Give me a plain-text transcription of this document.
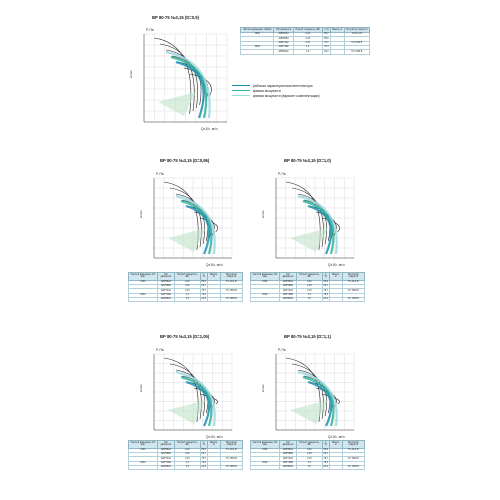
ВР 80-75 №3,15 (D=0,9)
P, Па
кгс/м²
Q×10³, м³/ч
Частота вращения, об/мин	Тип двигателя	Потреб. мощность, кВт	n, %	Масса, кг	Регулятор скорости
1500	АИР56A4	0,12	66,7		ТС-10-1 Б
	АИР56B4	0,18	58,9		
	АИР71A2	0,75	75,7		ТС-7000 Б
3000	АИР71B2	1,1	79,3		
	АИР80A2	1,5	81,0		ТС-7000 Б
рабочая характеристика вентилятора
кривая мощности
кривая мощности (вариант комплектации)
ВР 80-75 №3,15 (D=0,95)
P, Па
кгс/м²
Q×10³, м³/ч
Частота вращения, об/мин	Тип двигателя	Потреб. мощность, кВт	n, %	Масса, кг	Регулятор скорости
1500	АИР56A4	0,12	63,0		ТС-10-1 Б
	АИР56B4	0,18	68,7		
	АИР71A2	0,75	75,7		ТС-7000 Б
3000	АИР71B2	1,1	79,3		
	АИР80A2	1,5	81,0		ТС-7000 Б
ВР 80-75 №3,15 (D=1,0)
P, Па
кгс/м²
Q×10³, м³/ч
Частота вращения, об/мин	Тип двигателя	Потреб. мощность, кВт	n, %	Масса, кг	Регулятор скорости
1500	АИР56A4	0,12	63,0		ТС-10-1 Б
	АИР56B4	0,18	68,7		
	АИР71A2	0,75	75,7		ТС-7000 Б
3000	АИР71B2	1,1	79,3		
	АИР80A2	1,5	81,0		ТС-7000 Б
ВР 80-75 №3,15 (D=1,05)
P, Па
кгс/м²
Q×10³, м³/ч
Частота вращения, об/мин	Тип двигателя	Потреб. мощность, кВт	n, %	Масса, кг	Регулятор скорости
1500	АИР56A4	0,12	63,0		ТС-10-1 Б
	АИР56B4	0,18	68,7		
	АИР71A2	0,75	75,7		ТС-7000 Б
3000	АИР71B2	1,1	79,3		
	АИР80A2	1,5	81,0		ТС-7000 Б
ВР 80-75 №3,15 (D=1,1)
P, Па
кгс/м²
Q×10³, м³/ч
Частота вращения, об/мин	Тип двигателя	Потреб. мощность, кВт	n, %	Масса, кг	Регулятор скорости
1500	АИР56A4	0,12	63,0		ТС-10-1 Б
	АИР56B4	0,18	68,7		
	АИР71A2	0,75	75,7		ТС-7000 Б
3000	АИР71B2	1,1	79,3		
	АИР80A2	1,5	81,0		ТС-7000 Б
